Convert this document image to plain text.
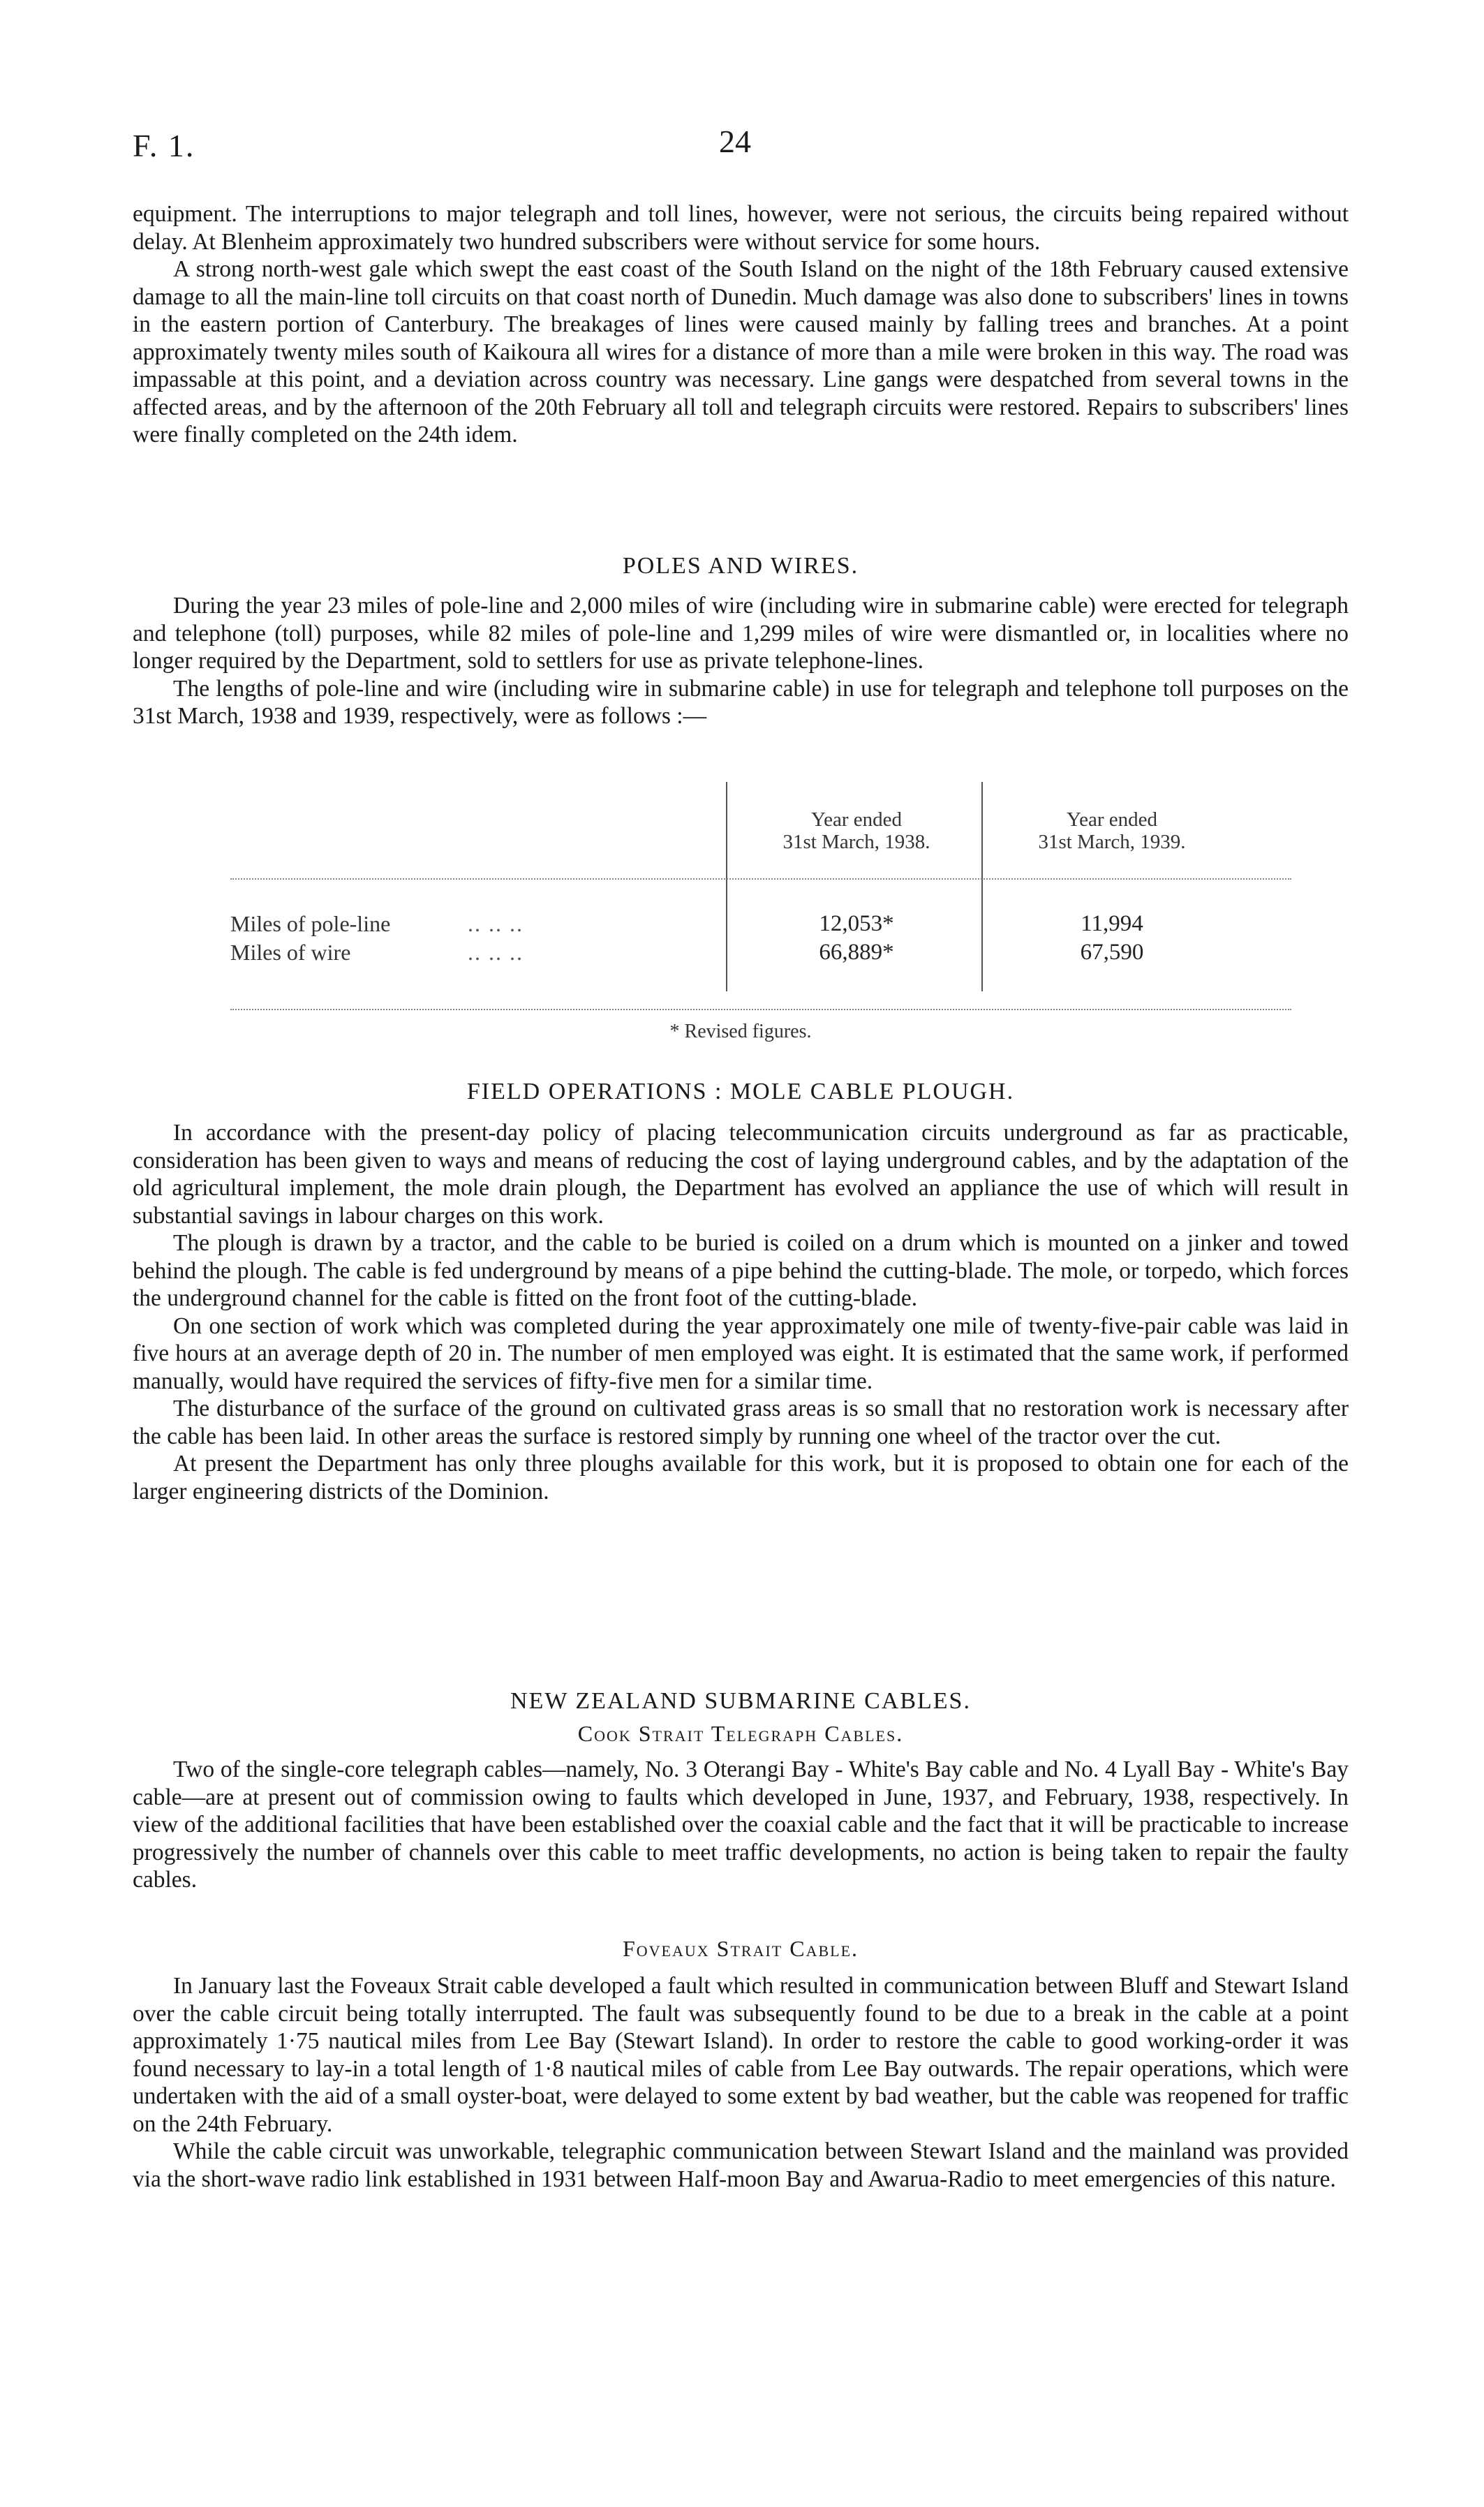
F. 1.	24

equipment. The interruptions to major telegraph and toll lines, however, were not serious, the circuits being repaired without delay. At Blenheim approximately two hundred subscribers were without service for some hours.

A strong north-west gale which swept the east coast of the South Island on the night of the 18th February caused extensive damage to all the main-line toll circuits on that coast north of Dunedin. Much damage was also done to subscribers' lines in towns in the eastern portion of Canterbury. The breakages of lines were caused mainly by falling trees and branches. At a point approximately twenty miles south of Kaikoura all wires for a distance of more than a mile were broken in this way. The road was impassable at this point, and a deviation across country was necessary. Line gangs were despatched from several towns in the affected areas, and by the afternoon of the 20th February all toll and telegraph circuits were restored. Repairs to subscribers' lines were finally completed on the 24th idem.

POLES AND WIRES.

During the year 23 miles of pole-line and 2,000 miles of wire (including wire in submarine cable) were erected for telegraph and telephone (toll) purposes, while 82 miles of pole-line and 1,299 miles of wire were dismantled or, in localities where no longer required by the Department, sold to settlers for use as private telephone-lines.

The lengths of pole-line and wire (including wire in submarine cable) in use for telegraph and telephone toll purposes on the 31st March, 1938 and 1939, respectively, were as follows :—

Year ended
31st March, 1938.
Year ended
31st March, 1939.
Miles of pole-line	.. .. ..	12,053*	11,994
Miles of wire	.. .. ..	66,889*	67,590
* Revised figures.
FIELD OPERATIONS : MOLE CABLE PLOUGH.

In accordance with the present-day policy of placing telecommunication circuits underground as far as practicable, consideration has been given to ways and means of reducing the cost of laying underground cables, and by the adaptation of the old agricultural implement, the mole drain plough, the Department has evolved an appliance the use of which will result in substantial savings in labour charges on this work.

The plough is drawn by a tractor, and the cable to be buried is coiled on a drum which is mounted on a jinker and towed behind the plough. The cable is fed underground by means of a pipe behind the cutting-blade. The mole, or torpedo, which forces the underground channel for the cable is fitted on the front foot of the cutting-blade.

On one section of work which was completed during the year approximately one mile of twenty-five-pair cable was laid in five hours at an average depth of 20 in. The number of men employed was eight. It is estimated that the same work, if performed manually, would have required the services of fifty-five men for a similar time.

The disturbance of the surface of the ground on cultivated grass areas is so small that no restoration work is necessary after the cable has been laid. In other areas the surface is restored simply by running one wheel of the tractor over the cut.

At present the Department has only three ploughs available for this work, but it is proposed to obtain one for each of the larger engineering districts of the Dominion.

NEW ZEALAND SUBMARINE CABLES.
Cook Strait Telegraph Cables.

Two of the single-core telegraph cables—namely, No. 3 Oterangi Bay - White's Bay cable and No. 4 Lyall Bay - White's Bay cable—are at present out of commission owing to faults which developed in June, 1937, and February, 1938, respectively. In view of the additional facilities that have been established over the coaxial cable and the fact that it will be practicable to increase progressively the number of channels over this cable to meet traffic developments, no action is being taken to repair the faulty cables.

Foveaux Strait Cable.

In January last the Foveaux Strait cable developed a fault which resulted in communication between Bluff and Stewart Island over the cable circuit being totally interrupted. The fault was subsequently found to be due to a break in the cable at a point approximately 1·75 nautical miles from Lee Bay (Stewart Island). In order to restore the cable to good working-order it was found necessary to lay-in a total length of 1·8 nautical miles of cable from Lee Bay outwards. The repair operations, which were undertaken with the aid of a small oyster-boat, were delayed to some extent by bad weather, but the cable was reopened for traffic on the 24th February.

While the cable circuit was unworkable, telegraphic communication between Stewart Island and the mainland was provided via the short-wave radio link established in 1931 between Half-moon Bay and Awarua-Radio to meet emergencies of this nature.
